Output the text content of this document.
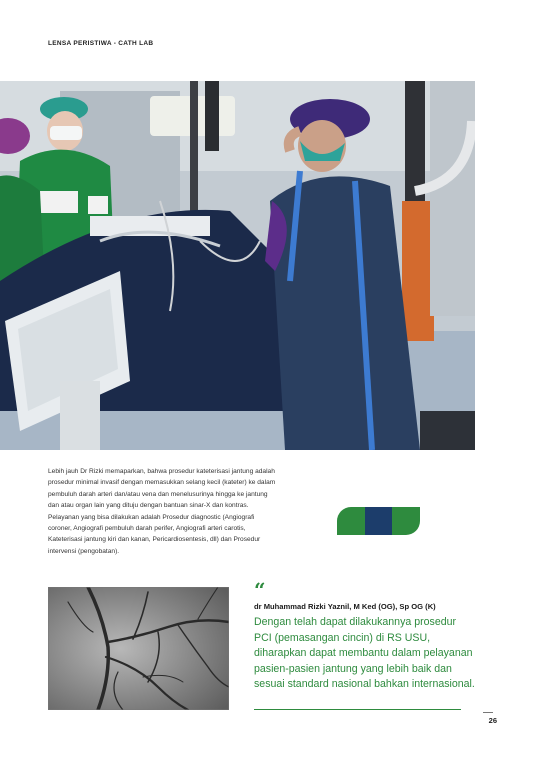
LENSA PERISTIWA - CATH LAB
Lebih jauh Dr Rizki memaparkan, bahwa prosedur kateterisasi jantung adalah prosedur minimal invasif dengan memasukkan selang kecil (kateter) ke dalam pembuluh darah arteri dan/atau vena dan menelusurinya hingga ke jantung dan atau organ lain yang dituju dengan bantuan sinar-X dan kontras. Pelayanan yang bisa dilakukan adalah Prosedur diagnostic (Angiografi coroner, Angiografi pembuluh darah perifer, Angiografi arteri carotis, Kateterisasi jantung kiri dan kanan, Pericardiosentesis, dll) dan Prosedur intervensi (pengobatan).
“
dr Muhammad Rizki Yaznil, M Ked (OG), Sp OG (K)
Dengan telah dapat dilakukannya prosedur PCI (pemasangan cincin) di RS USU, diharapkan dapat membantu dalam pelayanan pasien-pasien jantung yang lebih baik dan sesuai standard nasional bahkan internasional.
26
